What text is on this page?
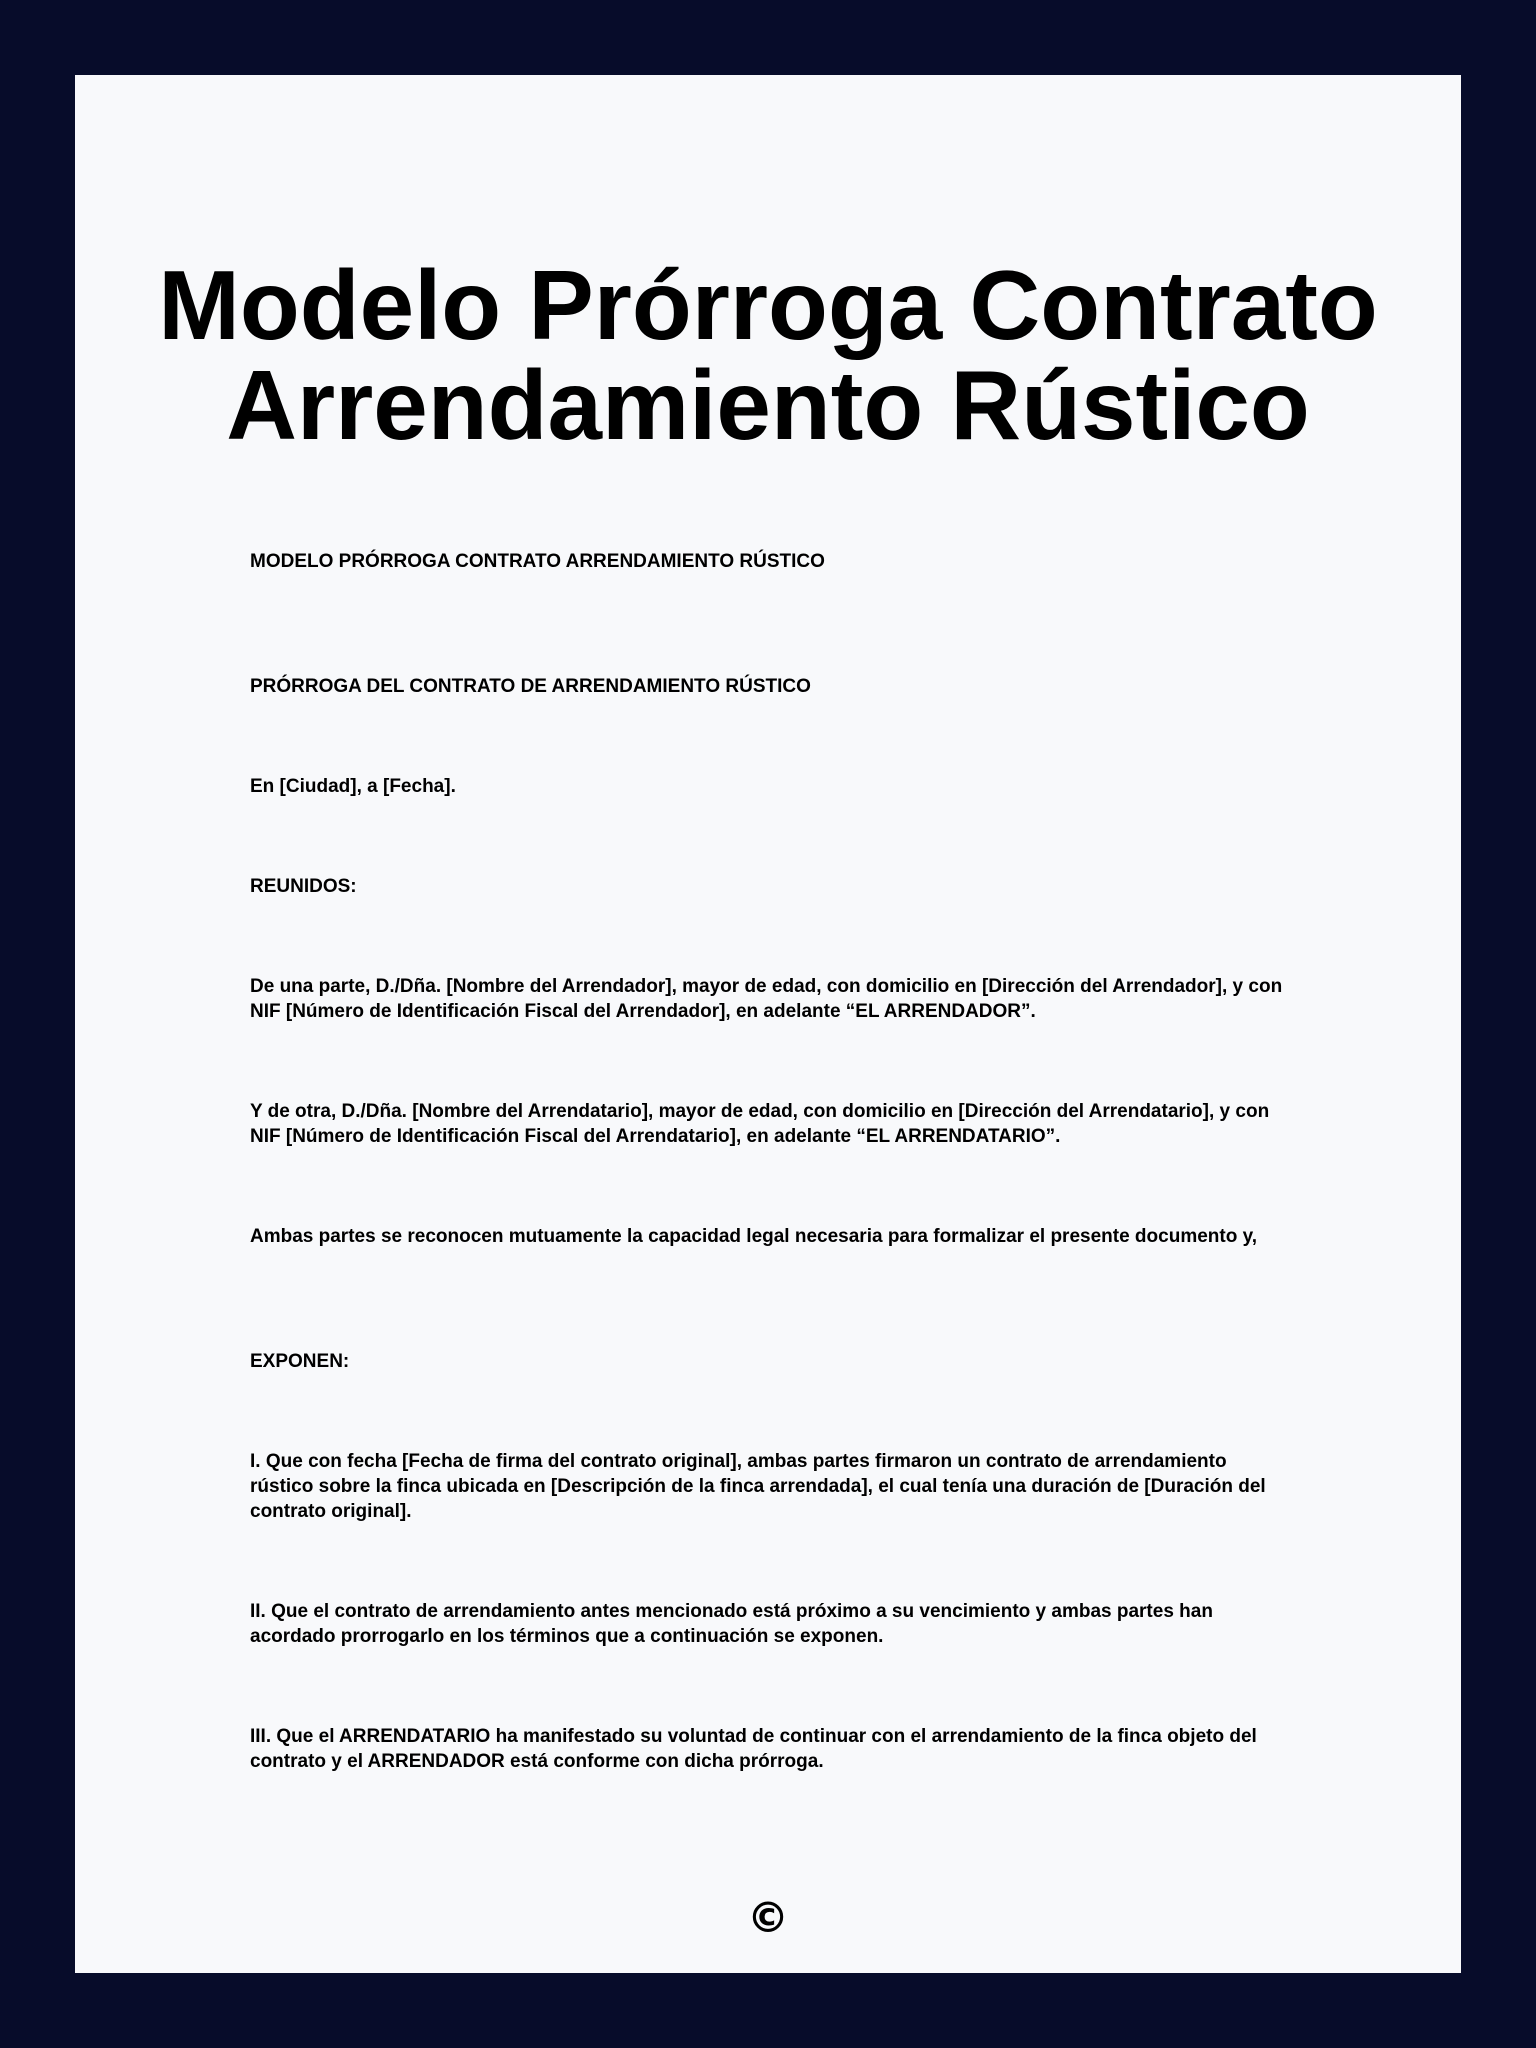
Modelo Prórroga Contrato
Arrendamiento Rústico

MODELO PRÓRROGA CONTRATO ARRENDAMIENTO RÚSTICO

PRÓRROGA DEL CONTRATO DE ARRENDAMIENTO RÚSTICO

En [Ciudad], a [Fecha].

REUNIDOS:

De una parte, D./Dña. [Nombre del Arrendador], mayor de edad, con domicilio en [Dirección del Arrendador], y con NIF [Número de Identificación Fiscal del Arrendador], en adelante “EL ARRENDADOR”.

Y de otra, D./Dña. [Nombre del Arrendatario], mayor de edad, con domicilio en [Dirección del Arrendatario], y con NIF [Número de Identificación Fiscal del Arrendatario], en adelante “EL ARRENDATARIO”.

Ambas partes se reconocen mutuamente la capacidad legal necesaria para formalizar el presente documento y,

EXPONEN:

I. Que con fecha [Fecha de firma del contrato original], ambas partes firmaron un contrato de arrendamiento rústico sobre la finca ubicada en [Descripción de la finca arrendada], el cual tenía una duración de [Duración del contrato original].

II. Que el contrato de arrendamiento antes mencionado está próximo a su vencimiento y ambas partes han acordado prorrogarlo en los términos que a continuación se exponen.

III. Que el ARRENDATARIO ha manifestado su voluntad de continuar con el arrendamiento de la finca objeto del contrato y el ARRENDADOR está conforme con dicha prórroga.

©
